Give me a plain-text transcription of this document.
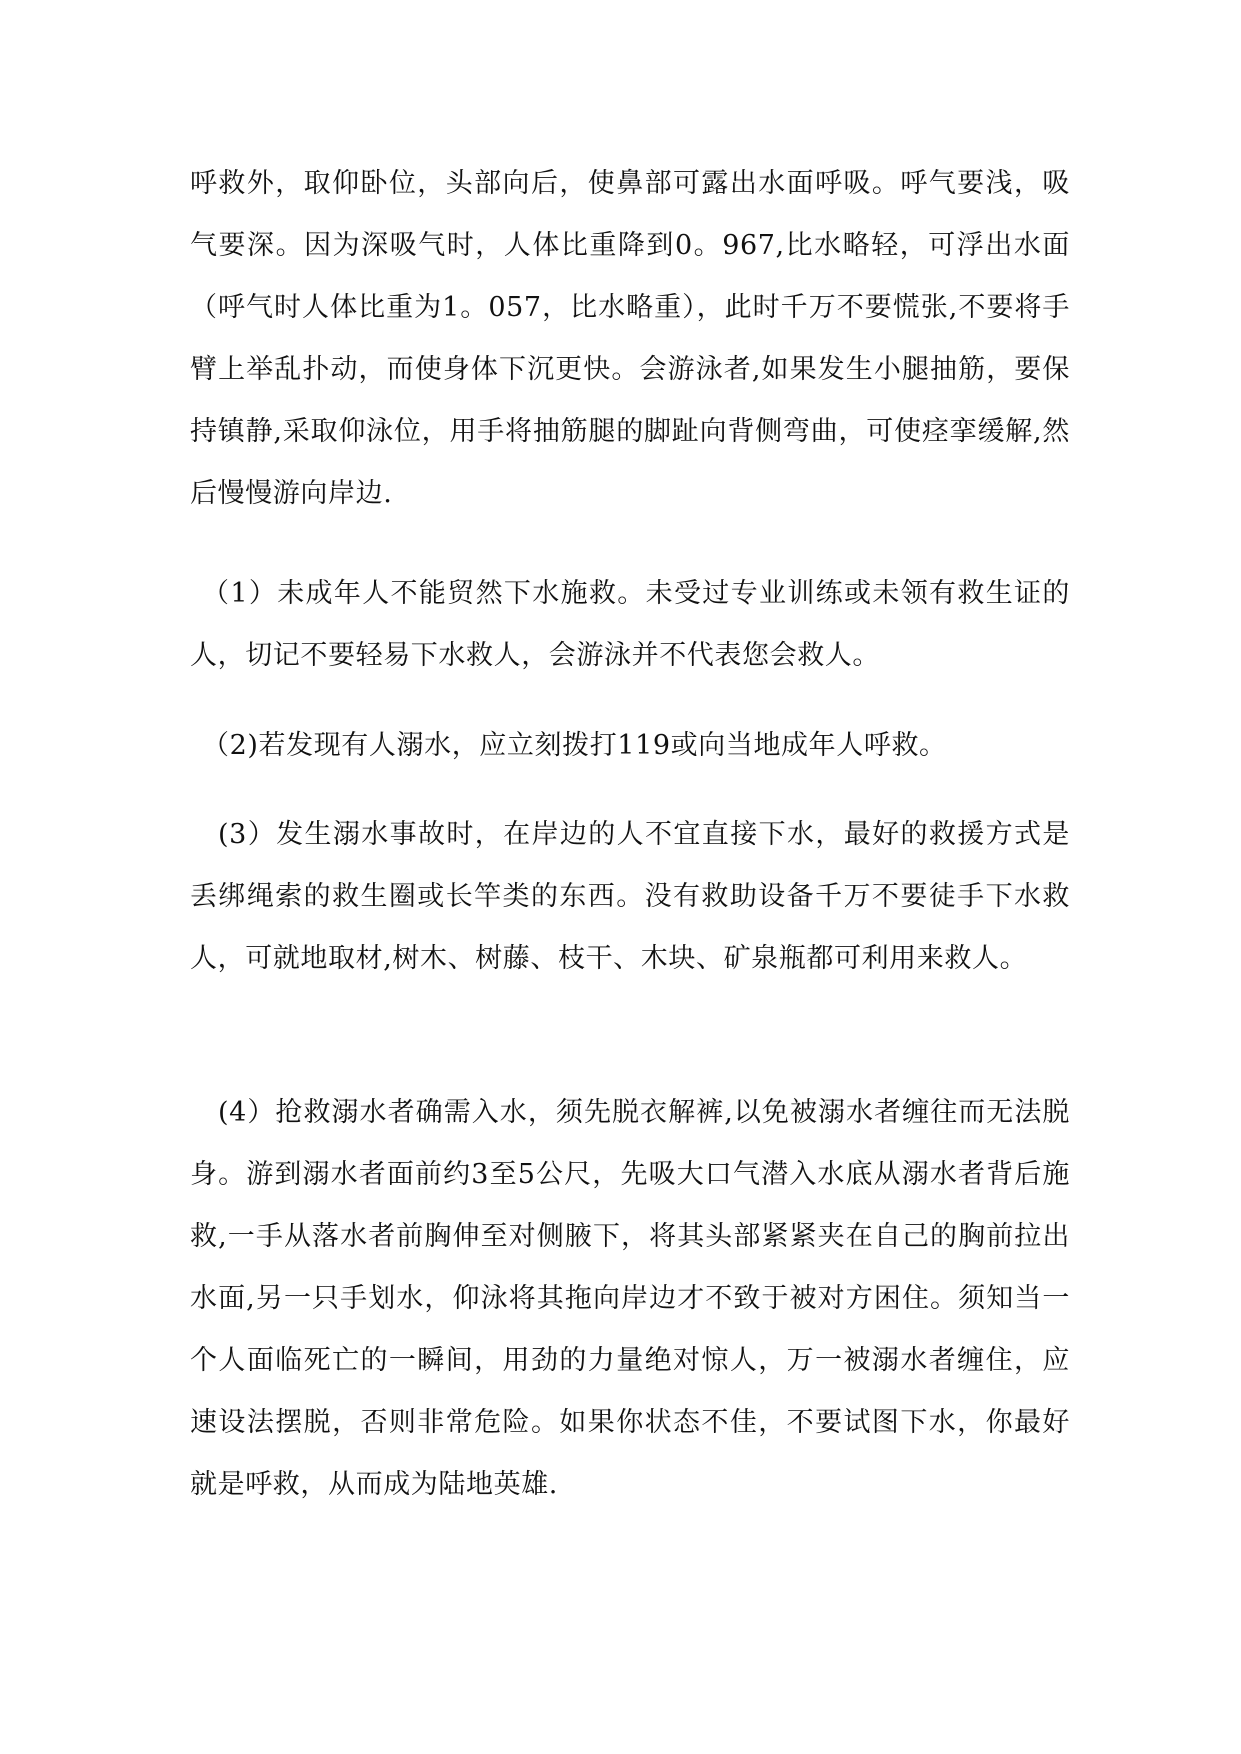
呼救外，取仰卧位，头部向后，使鼻部可露出水面呼吸。呼气要浅，吸气要深。因为深吸气时，人体比重降到0。967,比水略轻，可浮出水面（呼气时人体比重为1。057，比水略重），此时千万不要慌张,不要将手臂上举乱扑动，而使身体下沉更快。会游泳者,如果发生小腿抽筋，要保持镇静,采取仰泳位，用手将抽筋腿的脚趾向背侧弯曲，可使痉挛缓解,然后慢慢游向岸边.

（1）未成年人不能贸然下水施救。未受过专业训练或未领有救生证的人，切记不要轻易下水救人，会游泳并不代表您会救人。

（2)若发现有人溺水，应立刻拨打119或向当地成年人呼救。

(3）发生溺水事故时，在岸边的人不宜直接下水，最好的救援方式是丢绑绳索的救生圈或长竿类的东西。没有救助设备千万不要徒手下水救人，可就地取材,树木、树藤、枝干、木块、矿泉瓶都可利用来救人。

(4）抢救溺水者确需入水，须先脱衣解裤,以免被溺水者缠往而无法脱身。游到溺水者面前约3至5公尺，先吸大口气潜入水底从溺水者背后施救,一手从落水者前胸伸至对侧腋下，将其头部紧紧夹在自己的胸前拉出水面,另一只手划水，仰泳将其拖向岸边才不致于被对方困住。须知当一个人面临死亡的一瞬间，用劲的力量绝对惊人，万一被溺水者缠住，应速设法摆脱，否则非常危险。如果你状态不佳，不要试图下水，你最好就是呼救，从而成为陆地英雄.
